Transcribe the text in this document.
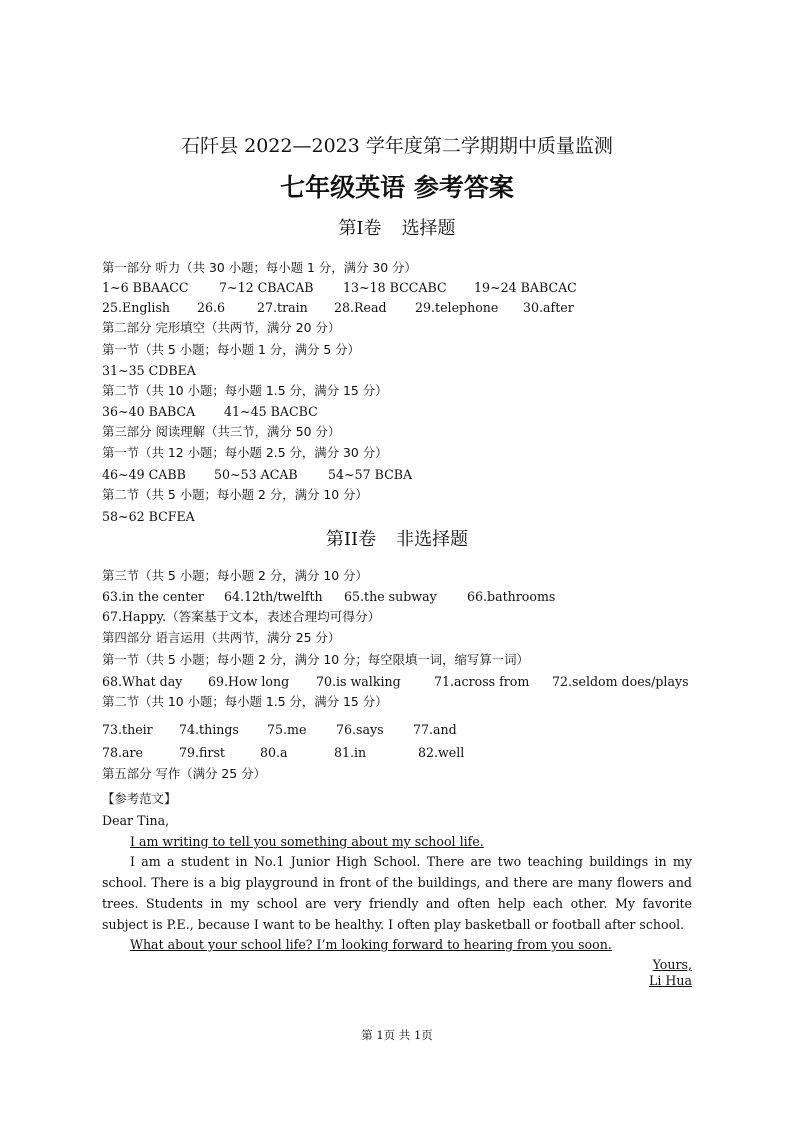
石阡县 2022—2023 学年度第二学期期中质量监测
七年级英语 参考答案
第I卷 选择题
第一部分 听力（共 30 小题；每小题 1 分，满分 30 分）
1~6 BBAACC 7~12 CBACAB 13~18 BCCABC 19~24 BABCAC
25.English 26.6	27.train 28.Read 29.telephone 30.after
第二部分 完形填空（共两节，满分 20 分）
第一节（共 5 小题；每小题 1 分，满分 5 分）
31~35 CDBEA
第二节（共 10 小题；每小题 1.5 分，满分 15 分）
36~40 BABCA 41~45 BACBC
第三部分 阅读理解（共三节，满分 50 分）
第一节（共 12 小题；每小题 2.5 分，满分 30 分）
46~49 CABB 50~53 ACAB 54~57 BCBA
第二节（共 5 小题；每小题 2 分，满分 10 分）
58~62 BCFEA
第II卷 非选择题
第三节（共 5 小题；每小题 2 分，满分 10 分）
63.in the center 64.12th/twelfth 65.the subway 66.bathrooms
67.Happy.（答案基于文本，表述合理均可得分）
第四部分 语言运用（共两节，满分 25 分）
第一节（共 5 小题；每小题 2 分，满分 10 分；每空限填一词，缩写算一词）
68.What day 69.How long 70.is walking	71.across from 72.seldom does/plays
第二节（共 10 小题；每小题 1.5 分，满分 15 分）
73.their 74.things 75.me 76.says 77.and
78.are	79.first	80.a	81.in	82.well
第五部分 写作（满分 25 分）
【参考范文】
Dear Tina,
I am writing to tell you something about my school life.
I am a student in No.1 Junior High School. There are two teaching buildings in my school. There is a big playground in front of the buildings, and there are many flowers and trees. Students in my school are very friendly and often help each other. My favorite subject is P.E., because I want to be healthy. I often play basketball or football after school.
What about your school life? I’m looking forward to hearing from you soon.
Yours,
Li Hua
第 1页 共 1页
